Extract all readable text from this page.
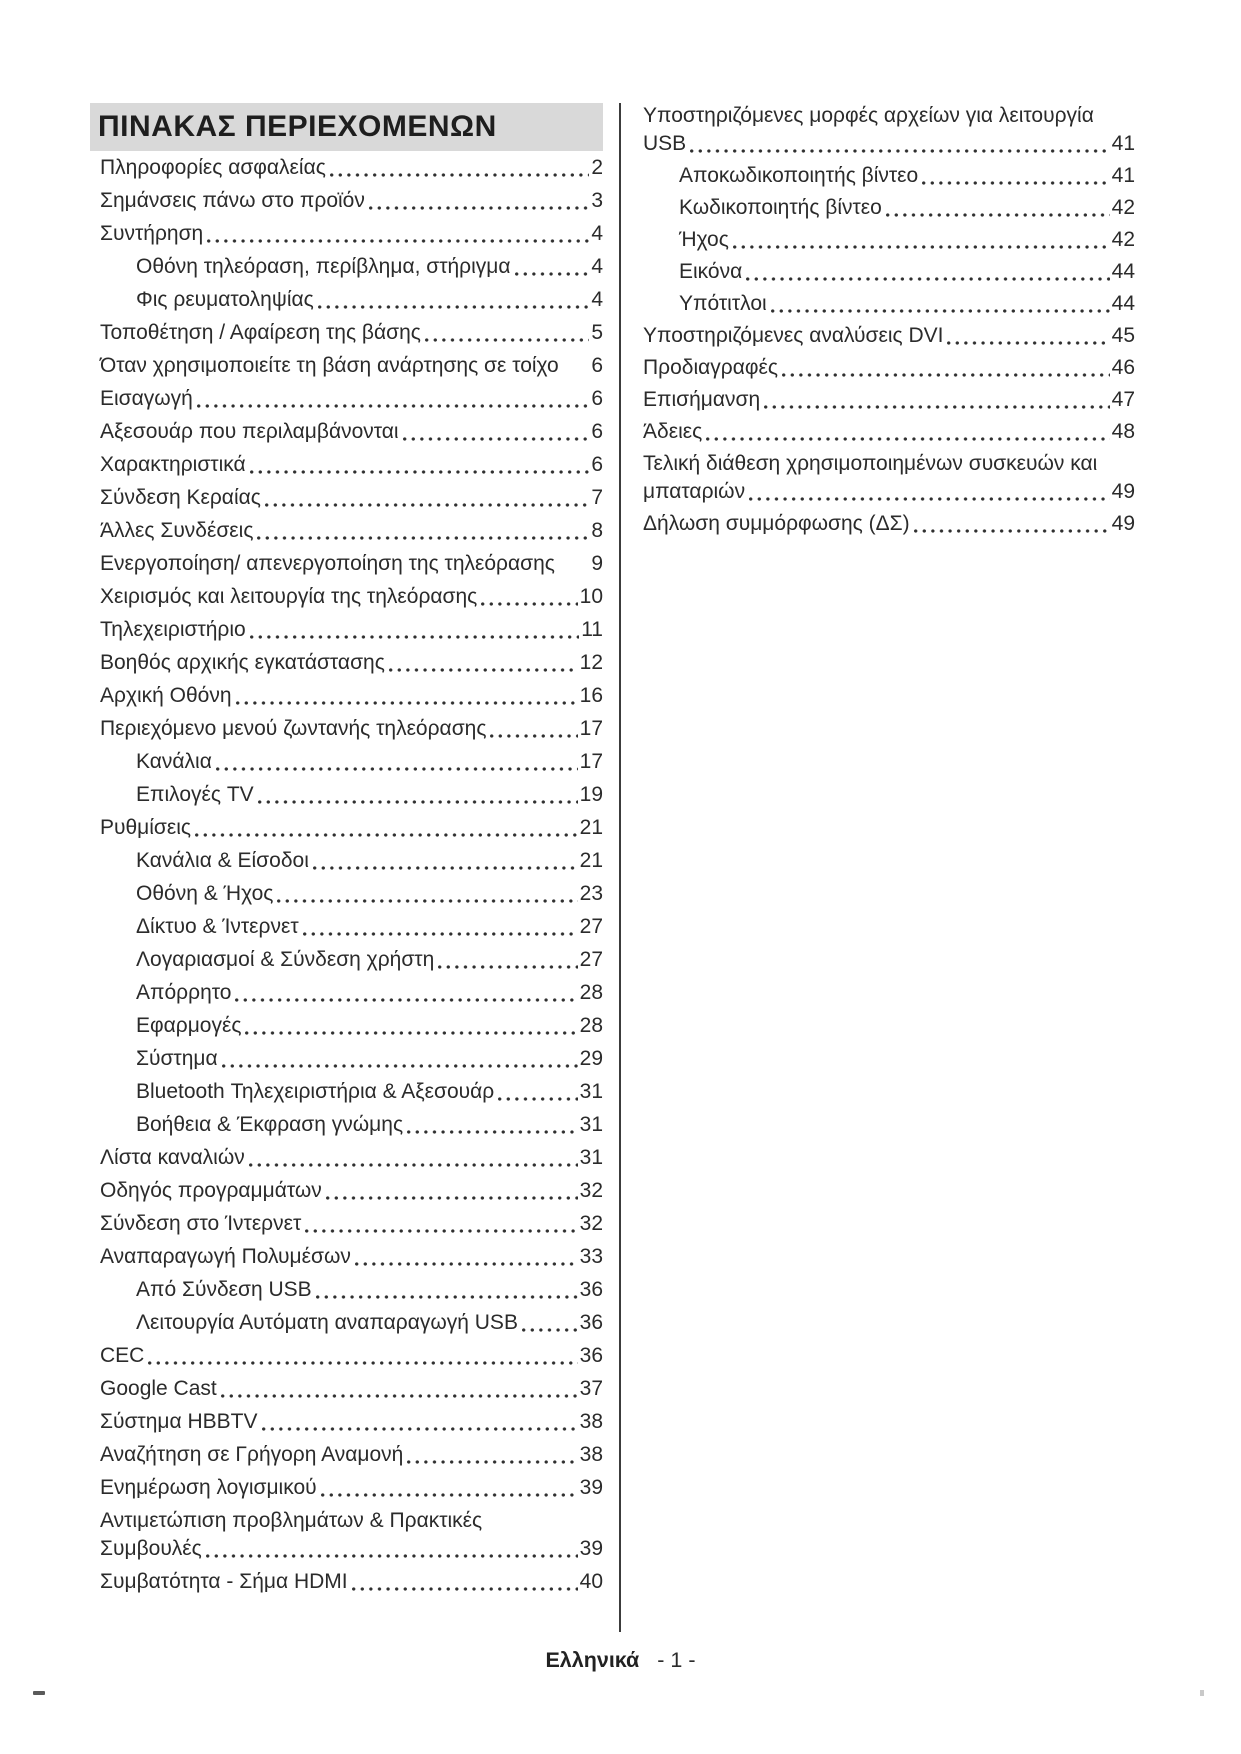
ΠΙΝΑΚΑΣ ΠΕΡΙΕΧΟΜΕΝΩΝ
Πληροφορίες ασφαλείας	2
Σημάνσεις πάνω στο προϊόν	3
Συντήρηση	4
Οθόνη τηλεόραση, περίβλημα, στήριγμα	4
Φις ρευματοληψίας	4
Τοποθέτηση / Αφαίρεση της βάσης	5
Όταν χρησιμοποιείτε τη βάση ανάρτησης σε τοίχο 6
Εισαγωγή	6
Αξεσουάρ που περιλαμβάνονται	6
Χαρακτηριστικά	6
Σύνδεση Κεραίας	7
Άλλες Συνδέσεις	8
Ενεργοποίηση/ απενεργοποίηση της τηλεόρασης 9
Χειρισμός και λειτουργία της τηλεόρασης	10
Τηλεχειριστήριο	11
Βοηθός αρχικής εγκατάστασης	12
Αρχική Οθόνη	16
Περιεχόμενο μενού ζωντανής τηλεόρασης	17
Κανάλια	17
Επιλογές TV	19
Ρυθμίσεις	21
Κανάλια & Είσοδοι	21
Οθόνη & Ήχος	23
Δίκτυο & Ίντερνετ	27
Λογαριασμοί & Σύνδεση χρήστη	27
Απόρρητο	28
Εφαρμογές	28
Σύστημα	29
Bluetooth Τηλεχειριστήρια & Αξεσουάρ	31
Βοήθεια & Έκφραση γνώμης	31
Λίστα καναλιών	31
Οδηγός προγραμμάτων	32
Σύνδεση στο Ίντερνετ	32
Αναπαραγωγή Πολυμέσων	33
Από Σύνδεση USB	36
Λειτουργία Αυτόματη αναπαραγωγή USB	36
CEC	36
Google Cast	37
Σύστημα HBBTV	38
Αναζήτηση σε Γρήγορη Αναμονή	38
Ενημέρωση λογισμικού	39
Αντιμετώπιση προβλημάτων & Πρακτικές
Συμβουλές	39
Συμβατότητα - Σήμα HDMI	40
Υποστηριζόμενες μορφές αρχείων για λειτουργία
USB	41
Αποκωδικοποιητής βίντεο	41
Κωδικοποιητής βίντεο	42
Ήχος	42
Εικόνα	44
Υπότιτλοι	44
Υποστηριζόμενες αναλύσεις DVI	45
Προδιαγραφές	46
Επισήμανση	47
Άδειες	48
Τελική διάθεση χρησιμοποιημένων συσκευών και
μπαταριών	49
Δήλωση συμμόρφωσης (ΔΣ)	49
Ελληνικά - 1 -
